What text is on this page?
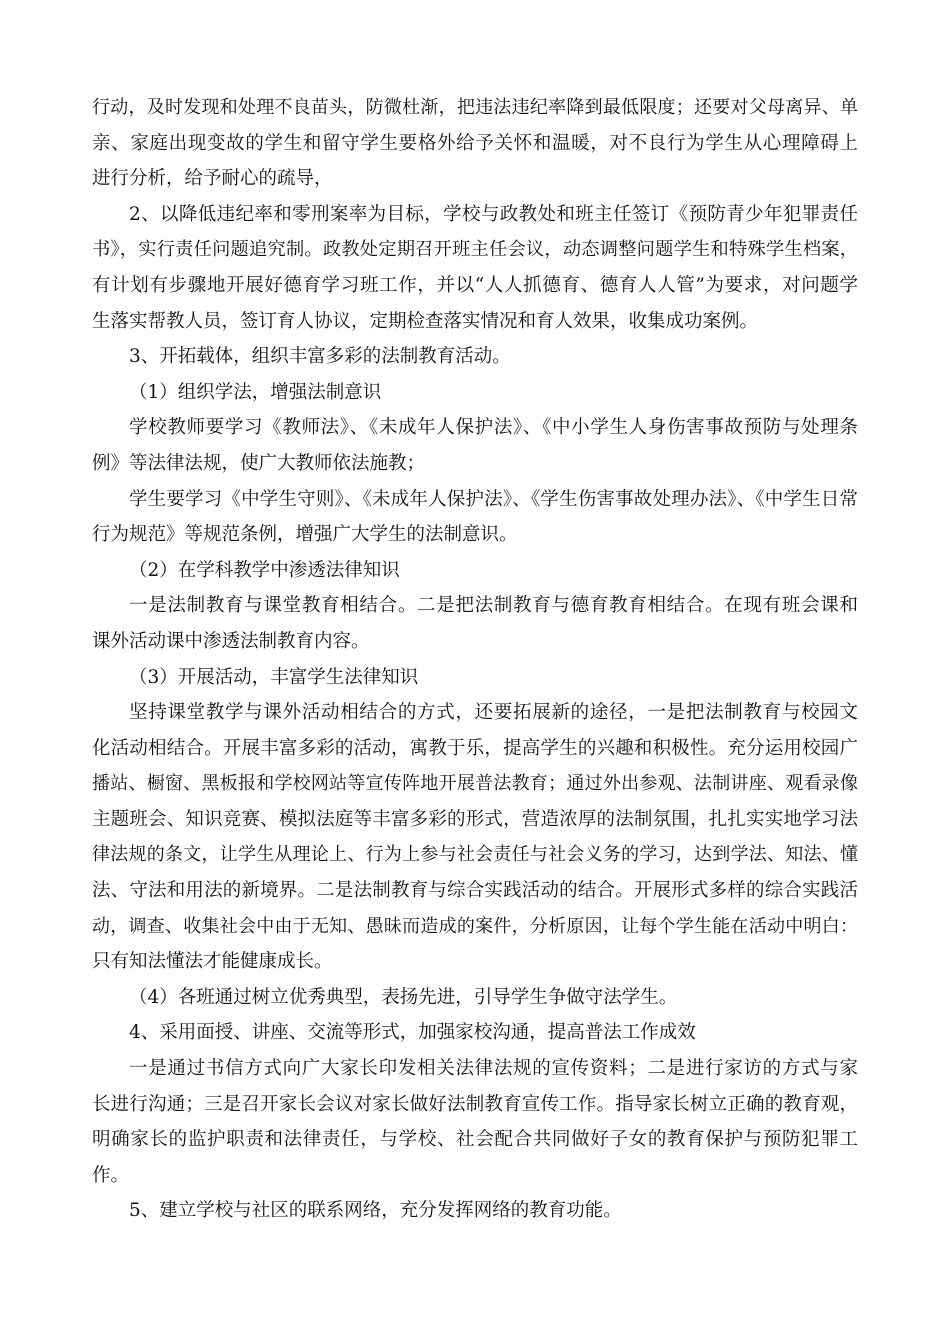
行动，及时发现和处理不良苗头，防微杜渐，把违法违纪率降到最低限度；还要对父母离异、单
亲、家庭出现变故的学生和留守学生要格外给予关怀和温暖，对不良行为学生从心理障碍上
进行分析，给予耐心的疏导，
2、以降低违纪率和零刑案率为目标，学校与政教处和班主任签订《预防青少年犯罪责任
书》，实行责任问题追究制。政教处定期召开班主任会议，动态调整问题学生和特殊学生档案，
有计划有步骤地开展好德育学习班工作，并以“人人抓德育、德育人人管”为要求，对问题学
生落实帮教人员，签订育人协议，定期检查落实情况和育人效果，收集成功案例。
3、开拓载体，组织丰富多彩的法制教育活动。
（1）组织学法，增强法制意识
学校教师要学习《教师法》、《未成年人保护法》、《中小学生人身伤害事故预防与处理条
例》等法律法规，使广大教师依法施教；
学生要学习《中学生守则》、《未成年人保护法》、《学生伤害事故处理办法》、《中学生日常
行为规范》等规范条例，增强广大学生的法制意识。
（2）在学科教学中渗透法律知识
一是法制教育与课堂教育相结合。二是把法制教育与德育教育相结合。在现有班会课和
课外活动课中渗透法制教育内容。
（3）开展活动，丰富学生法律知识
坚持课堂教学与课外活动相结合的方式，还要拓展新的途径，一是把法制教育与校园文
化活动相结合。开展丰富多彩的活动，寓教于乐，提高学生的兴趣和积极性。充分运用校园广
播站、橱窗、黑板报和学校网站等宣传阵地开展普法教育；通过外出参观、法制讲座、观看录像
主题班会、知识竞赛、模拟法庭等丰富多彩的形式，营造浓厚的法制氛围，扎扎实实地学习法
律法规的条文，让学生从理论上、行为上参与社会责任与社会义务的学习，达到学法、知法、懂
法、守法和用法的新境界。二是法制教育与综合实践活动的结合。开展形式多样的综合实践活
动，调查、收集社会中由于无知、愚昧而造成的案件，分析原因，让每个学生能在活动中明白：
只有知法懂法才能健康成长。
（4）各班通过树立优秀典型，表扬先进，引导学生争做守法学生。
4、采用面授、讲座、交流等形式，加强家校沟通，提高普法工作成效
一是通过书信方式向广大家长印发相关法律法规的宣传资料；二是进行家访的方式与家
长进行沟通；三是召开家长会议对家长做好法制教育宣传工作。指导家长树立正确的教育观，
明确家长的监护职责和法律责任，与学校、社会配合共同做好子女的教育保护与预防犯罪工
作。
5、建立学校与社区的联系网络，充分发挥网络的教育功能。
